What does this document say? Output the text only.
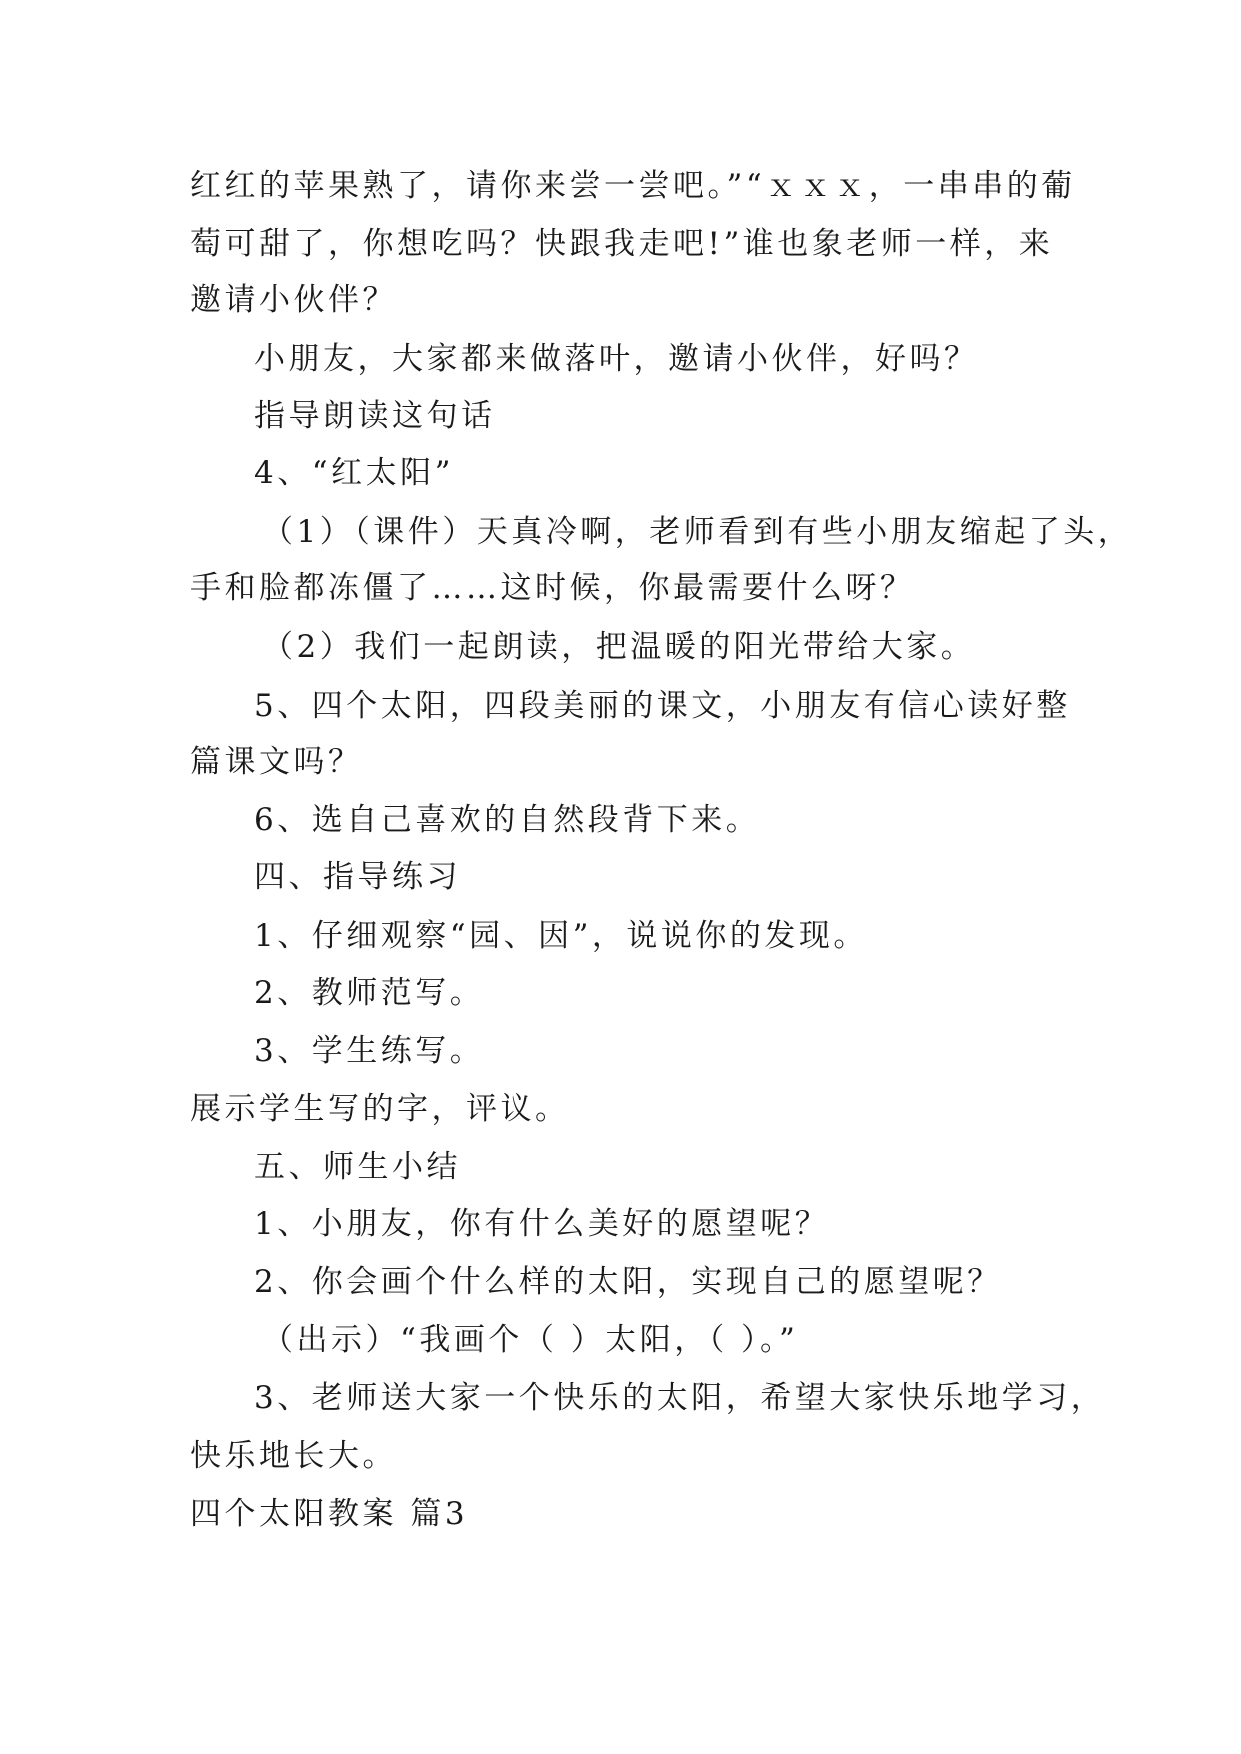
红红的苹果熟了，请你来尝一尝吧。”“ｘｘｘ，一串串的葡
萄可甜了，你想吃吗？快跟我走吧!”谁也象老师一样，来
邀请小伙伴？
小朋友，大家都来做落叶，邀请小伙伴，好吗？
指导朗读这句话
4、“红太阳”
（1）（课件）天真冷啊，老师看到有些小朋友缩起了头，
手和脸都冻僵了……这时候，你最需要什么呀？
（2）我们一起朗读，把温暖的阳光带给大家。
5、四个太阳，四段美丽的课文，小朋友有信心读好整
篇课文吗？
6、选自己喜欢的自然段背下来。
四、指导练习
1、仔细观察“园、因”，说说你的发现。
2、教师范写。
3、学生练写。
展示学生写的字，评议。
五、师生小结
1、小朋友，你有什么美好的愿望呢？
2、你会画个什么样的太阳，实现自己的愿望呢？
（出示）“我画个（ ）太阳，（ ）。”
3、老师送大家一个快乐的太阳，希望大家快乐地学习，
快乐地长大。
四个太阳教案 篇3
